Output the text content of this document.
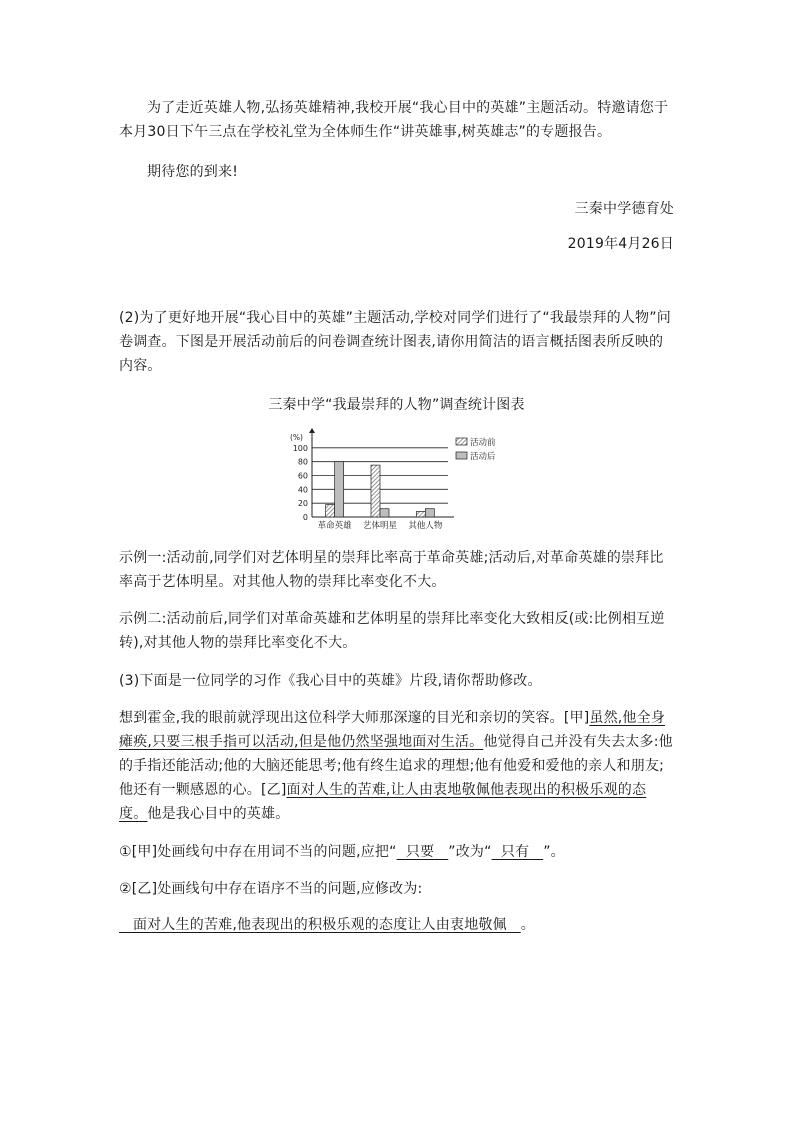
为了走近英雄人物,弘扬英雄精神,我校开展“我心目中的英雄”主题活动。特邀请您于本月30日下午三点在学校礼堂为全体师生作“讲英雄事,树英雄志”的专题报告。

期待您的到来!

三秦中学德育处

2019年4月26日

(2)为了更好地开展“我心目中的英雄”主题活动,学校对同学们进行了“我最崇拜的人物”问卷调查。下图是开展活动前后的问卷调查统计图表,请你用简洁的语言概括图表所反映的内容。

三秦中学“我最崇拜的人物”调查统计图表

0
20
40
60
80
100
(%)
革命英雄 艺体明星 其他人物
活动前
活动后

示例一:活动前,同学们对艺体明星的崇拜比率高于革命英雄;活动后,对革命英雄的崇拜比率高于艺体明星。对其他人物的崇拜比率变化不大。

示例二:活动前后,同学们对革命英雄和艺体明星的崇拜比率变化大致相反(或:比例相互逆转),对其他人物的崇拜比率变化不大。

(3)下面是一位同学的习作《我心目中的英雄》片段,请你帮助修改。

想到霍金,我的眼前就浮现出这位科学大师那深邃的目光和亲切的笑容。[甲]虽然,他全身瘫痪,只要三根手指可以活动,但是他仍然坚强地面对生活。他觉得自己并没有失去太多:他的手指还能活动;他的大脑还能思考;他有终生追求的理想;他有他爱和爱他的亲人和朋友;他还有一颗感恩的心。[乙]面对人生的苦难,让人由衷地敬佩他表现出的积极乐观的态度。他是我心目中的英雄。

①[甲]处画线句中存在用词不当的问题,应把“ 只要 ”改为“ 只有 ”。

②[乙]处画线句中存在语序不当的问题,应修改为:

面对人生的苦难,他表现出的积极乐观的态度让人由衷地敬佩 。
